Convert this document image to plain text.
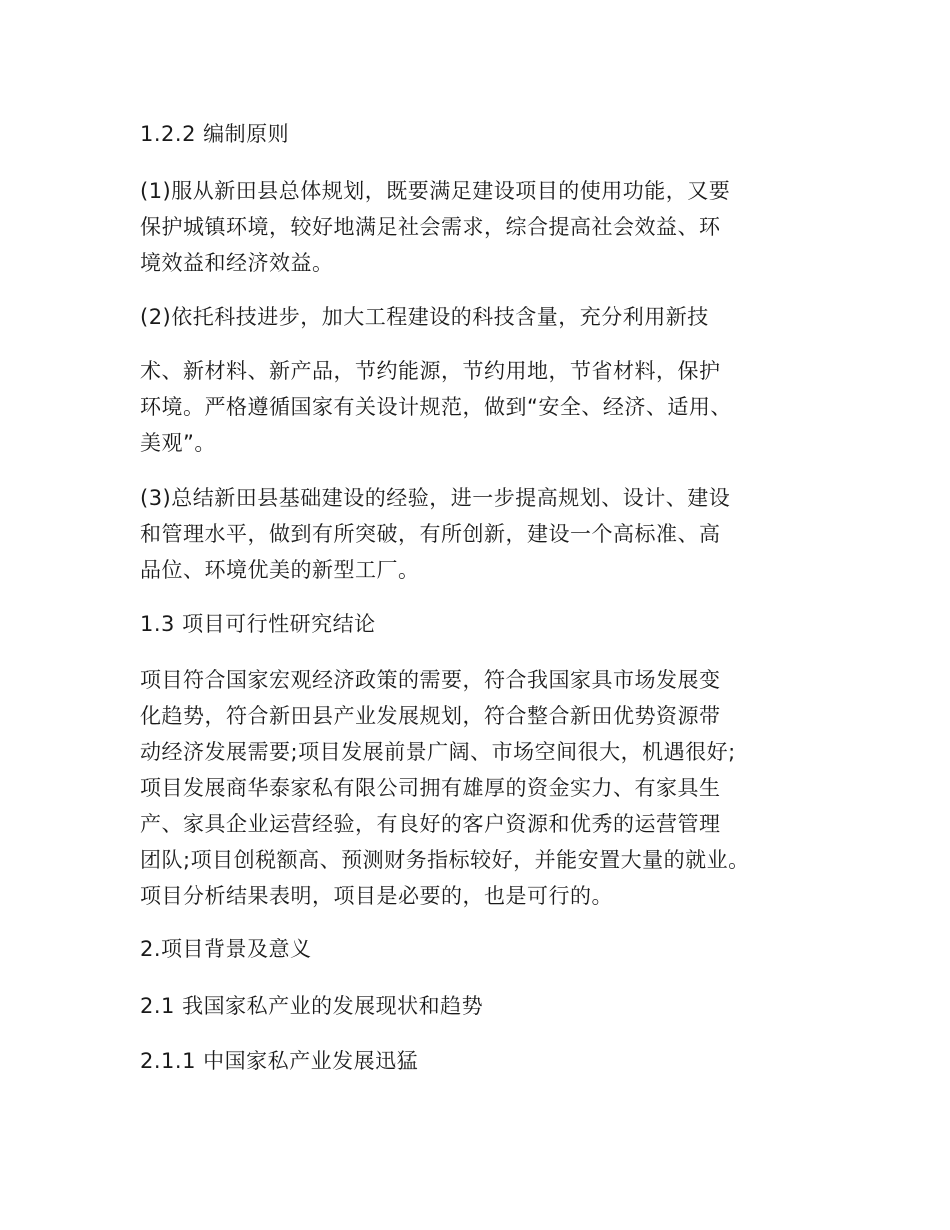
1.2.2 编制原则

(1)服从新田县总体规划，既要满足建设项目的使用功能，又要
保护城镇环境，较好地满足社会需求，综合提高社会效益、环
境效益和经济效益。

(2)依托科技进步，加大工程建设的科技含量，充分利用新技

术、新材料、新产品，节约能源，节约用地，节省材料，保护
环境。严格遵循国家有关设计规范，做到“安全、经济、适用、
美观”。
(3)总结新田县基础建设的经验，进一步提高规划、设计、建设
和管理水平，做到有所突破，有所创新，建设一个高标准、高
品位、环境优美的新型工厂。

1.3 项目可行性研究结论

项目符合国家宏观经济政策的需要，符合我国家具市场发展变
化趋势，符合新田县产业发展规划，符合整合新田优势资源带
动经济发展需要;项目发展前景广阔、市场空间很大，机遇很好;
项目发展商华泰家私有限公司拥有雄厚的资金实力、有家具生
产、家具企业运营经验，有良好的客户资源和优秀的运营管理
团队;项目创税额高、预测财务指标较好，并能安置大量的就业。
项目分析结果表明，项目是必要的，也是可行的。

2.项目背景及意义

2.1 我国家私产业的发展现状和趋势

2.1.1 中国家私产业发展迅猛
